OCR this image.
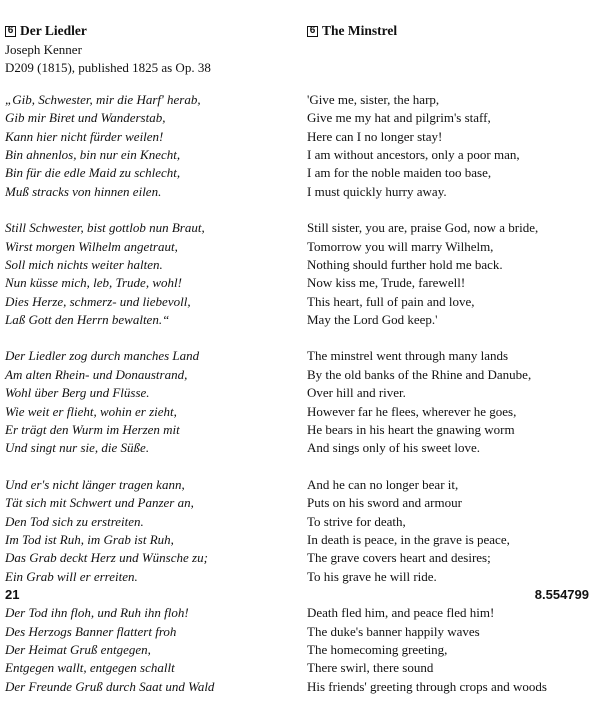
6 Der Liedler
Joseph Kenner
D209 (1815), published 1825 as Op. 38
„Gib, Schwester, mir die Harf' herab,
Gib mir Biret und Wanderstab,
Kann hier nicht fürder weilen!
Bin ahnenlos, bin nur ein Knecht,
Bin für die edle Maid zu schlecht,
Muß stracks von hinnen eilen.
Still Schwester, bist gottlob nun Braut,
Wirst morgen Wilhelm angetraut,
Soll mich nichts weiter halten.
Nun küsse mich, leb, Trude, wohl!
Dies Herze, schmerz- und liebevoll,
Laß Gott den Herrn bewalten.“
Der Liedler zog durch manches Land
Am alten Rhein- und Donaustrand,
Wohl über Berg und Flüsse.
Wie weit er flieht, wohin er zieht,
Er trägt den Wurm im Herzen mit
Und singt nur sie, die Süße.
Und er's nicht länger tragen kann,
Tät sich mit Schwert und Panzer an,
Den Tod sich zu erstreiten.
Im Tod ist Ruh, im Grab ist Ruh,
Das Grab deckt Herz und Wünsche zu;
Ein Grab will er erreiten.
Der Tod ihn floh, und Ruh ihn floh!
Des Herzogs Banner flattert froh
Der Heimat Gruß entgegen,
Entgegen wallt, entgegen schallt
Der Freunde Gruß durch Saat und Wald
6 The Minstrel
'Give me, sister, the harp,
Give me my hat and pilgrim's staff,
Here can I no longer stay!
I am without ancestors, only a poor man,
I am for the noble maiden too base,
I must quickly hurry away.
Still sister, you are, praise God, now a bride,
Tomorrow you will marry Wilhelm,
Nothing should further hold me back.
Now kiss me, Trude, farewell!
This heart, full of pain and love,
May the Lord God keep.'
The minstrel went through many lands
By the old banks of the Rhine and Danube,
Over hill and river.
However far he flees, wherever he goes,
He bears in his heart the gnawing worm
And sings only of his sweet love.
And he can no longer bear it,
Puts on his sword and armour
To strive for death,
In death is peace, in the grave is peace,
The grave covers heart and desires;
To his grave he will ride.
Death fled him, and peace fled him!
The duke's banner happily waves
The homecoming greeting,
There swirl, there sound
His friends' greeting through crops and woods
21	8.554799
